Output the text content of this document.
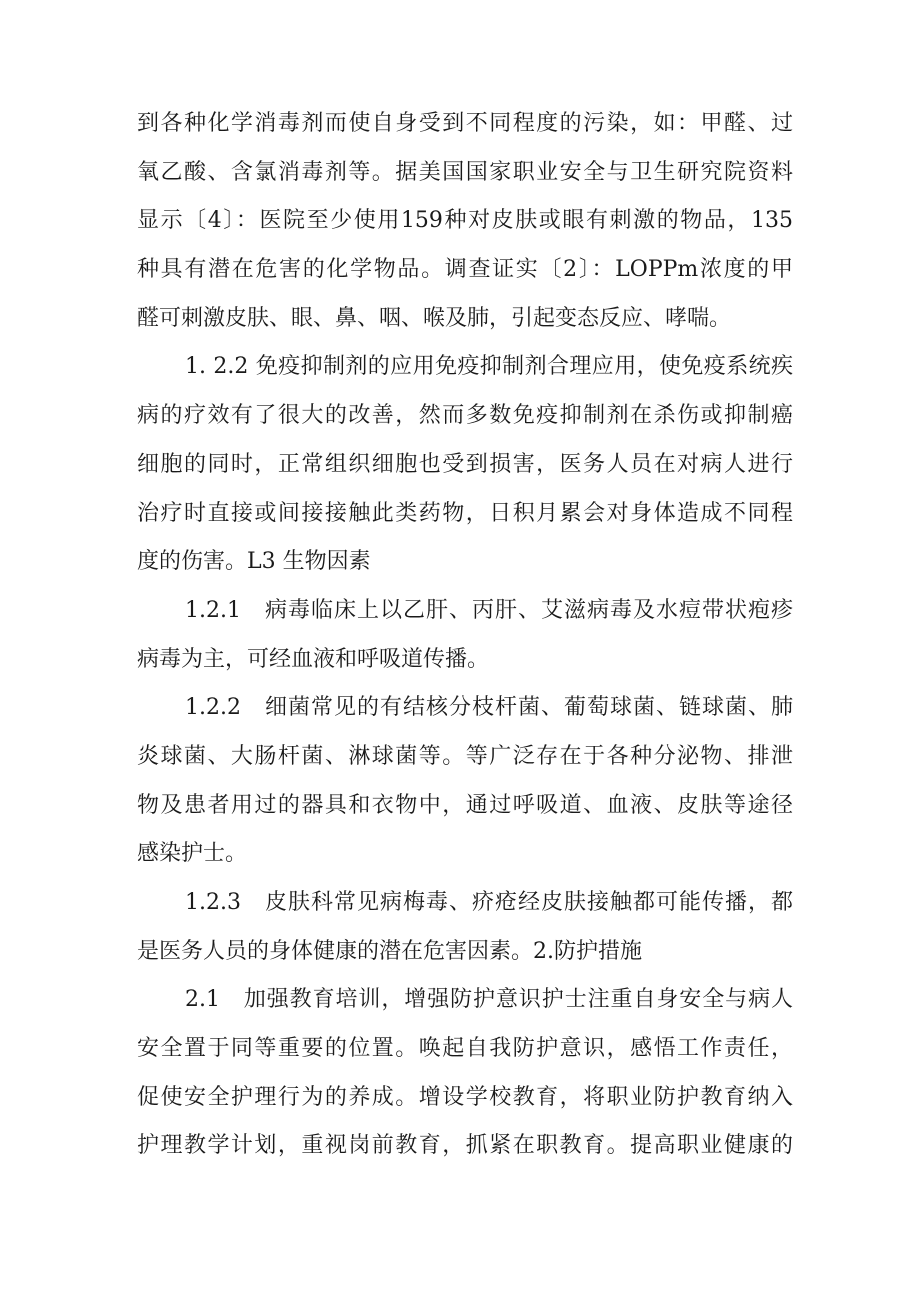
到各种化学消毒剂而使自身受到不同程度的污染，如：甲醛、过
氧乙酸、含氯消毒剂等。据美国国家职业安全与卫生研究院资料
显示〔4〕：医院至少使用159种对皮肤或眼有刺激的物品，135
种具有潜在危害的化学物品。调查证实〔2〕：LOPPm浓度的甲
醛可刺激皮肤、眼、鼻、咽、喉及肺，引起变态反应、哮喘。
1. 2.2 免疫抑制剂的应用免疫抑制剂合理应用，使免疫系统疾
病的疗效有了很大的改善，然而多数免疫抑制剂在杀伤或抑制癌
细胞的同时，正常组织细胞也受到损害，医务人员在对病人进行
治疗时直接或间接接触此类药物，日积月累会对身体造成不同程
度的伤害。L3 生物因素
1.2.1　病毒临床上以乙肝、丙肝、艾滋病毒及水痘带状疱疹
病毒为主，可经血液和呼吸道传播。
1.2.2　细菌常见的有结核分枝杆菌、葡萄球菌、链球菌、肺
炎球菌、大肠杆菌、淋球菌等。等广泛存在于各种分泌物、排泄
物及患者用过的器具和衣物中，通过呼吸道、血液、皮肤等途径
感染护士。
1.2.3　皮肤科常见病梅毒、疥疮经皮肤接触都可能传播，都
是医务人员的身体健康的潜在危害因素。2.防护措施
2.1　加强教育培训，增强防护意识护士注重自身安全与病人
安全置于同等重要的位置。唤起自我防护意识，感悟工作责任，
促使安全护理行为的养成。增设学校教育，将职业防护教育纳入
护理教学计划，重视岗前教育，抓紧在职教育。提高职业健康的
